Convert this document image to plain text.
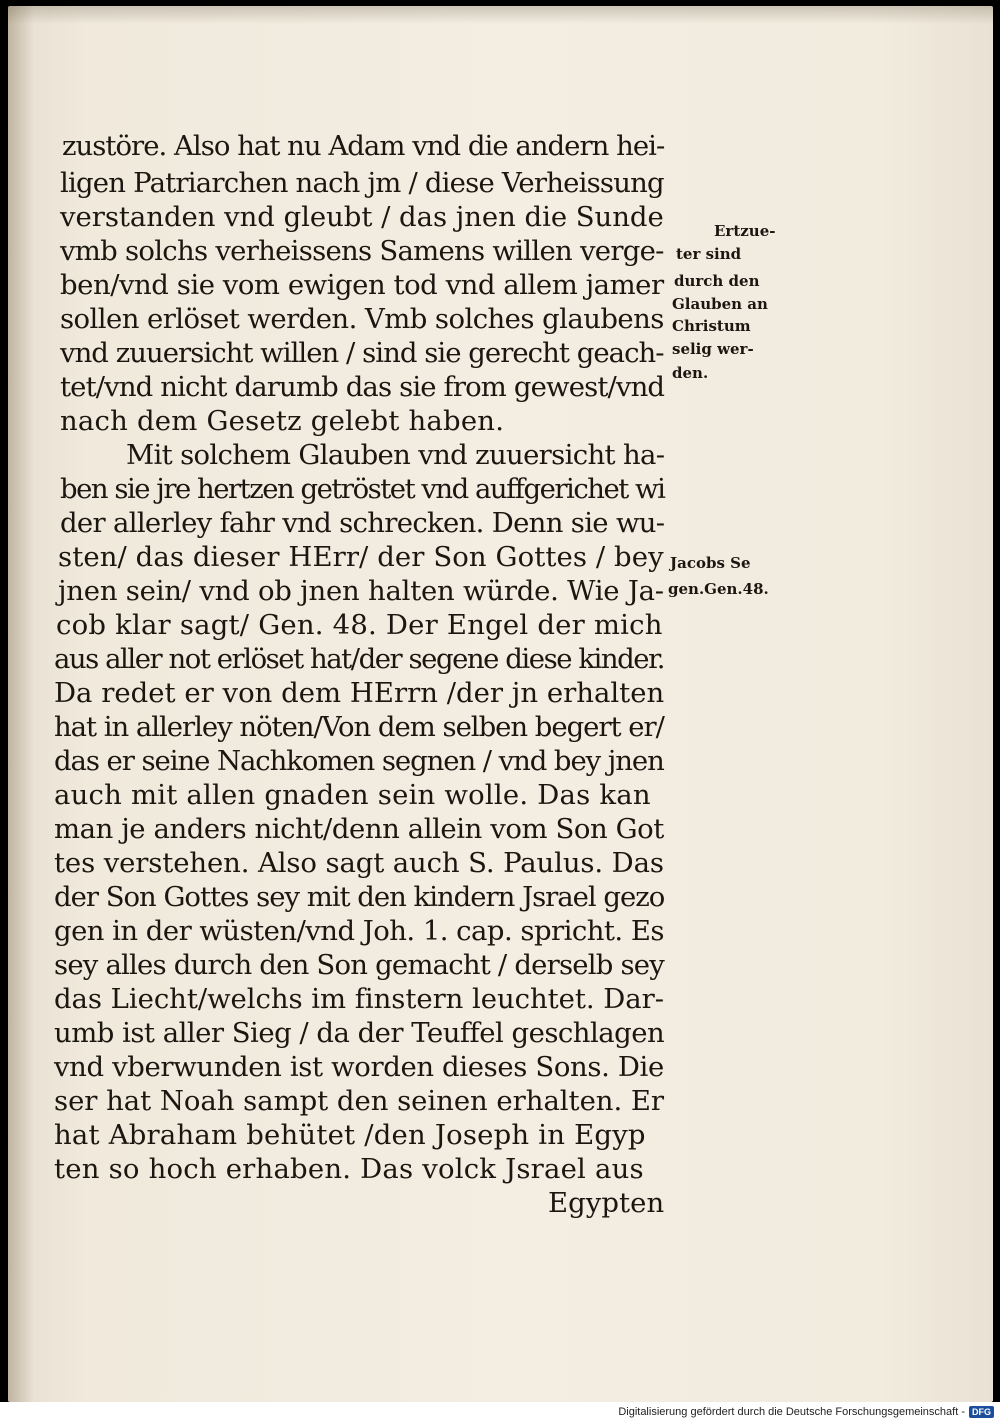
zustöre. Also hat nu Adam vnd die andern hei-
ligen Patriarchen nach jm / diese Verheissung
verstanden vnd gleubt / das jnen die Sunde
vmb solchs verheissens Samens willen verge-
ben/vnd sie vom ewigen tod vnd allem jamer
sollen erlöset werden. Vmb solches glaubens
vnd zuuersicht willen / sind sie gerecht geach-
tet/vnd nicht darumb das sie from gewest/vnd
nach dem Gesetz gelebt haben.
Mit solchem Glauben vnd zuuersicht ha-
ben sie jre hertzen getröstet vnd auffgerichet wi
der allerley fahr vnd schrecken. Denn sie wu-
sten/ das dieser HErr/ der Son Gottes / bey
jnen sein/ vnd ob jnen halten würde. Wie Ja-
cob klar sagt/ Gen. 48. Der Engel der mich
aus aller not erlöset hat/der segene diese kinder.
Da redet er von dem HErrn /der jn erhalten
hat in allerley nöten/Von dem selben begert er/
das er seine Nachkomen segnen / vnd bey jnen
auch mit allen gnaden sein wolle. Das kan
man je anders nicht/denn allein vom Son Got
tes verstehen. Also sagt auch S. Paulus. Das
der Son Gottes sey mit den kindern Jsrael gezo
gen in der wüsten/vnd Joh. 1. cap. spricht. Es
sey alles durch den Son gemacht / derselb sey
das Liecht/welchs im finstern leuchtet. Dar-
umb ist aller Sieg / da der Teuffel geschlagen
vnd vberwunden ist worden dieses Sons. Die
ser hat Noah sampt den seinen erhalten. Er
hat Abraham behütet /den Joseph in Egyp
ten so hoch erhaben. Das volck Jsrael aus
Egypten
Ertzue-
ter sind
durch den
Glauben an
Christum
selig wer-
den.
Jacobs Se
gen.Gen.48.
Digitalisierung gefördert durch die Deutsche Forschungsgemeinschaft - DFG
